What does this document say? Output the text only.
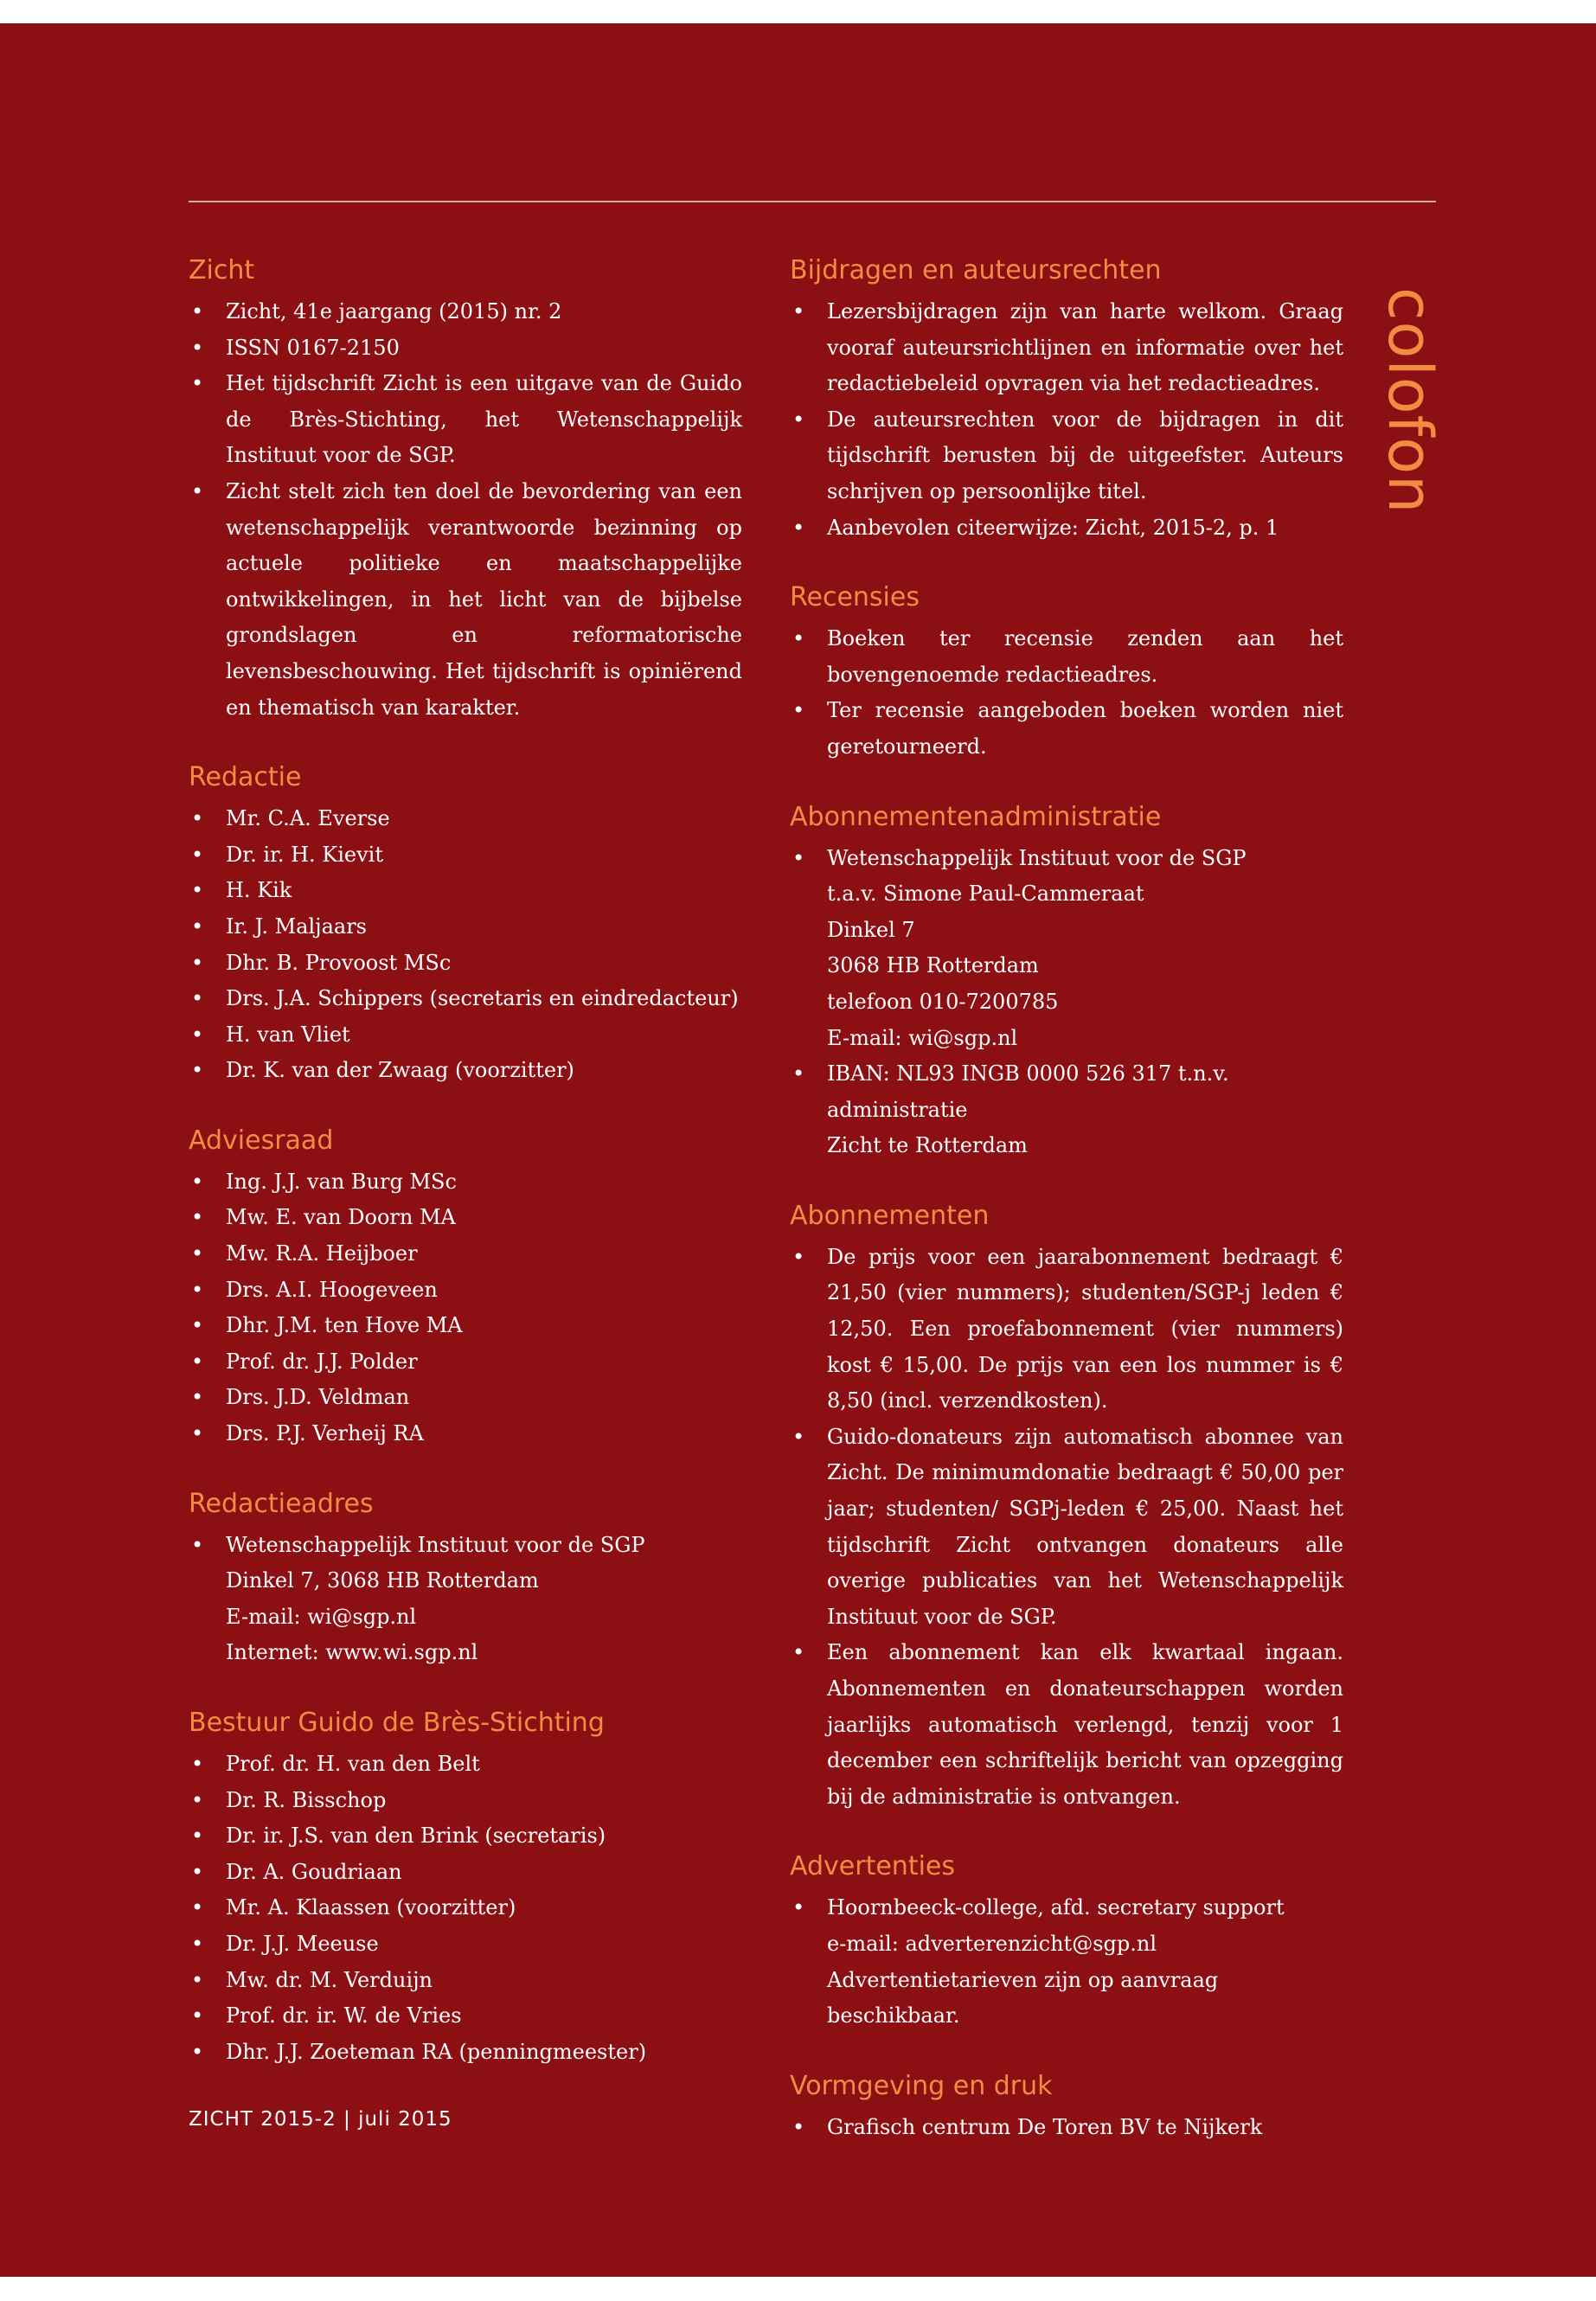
Zicht
• Zicht, 41e jaargang (2015) nr. 2
• ISSN 0167-2150
• Het tijdschrift Zicht is een uitgave van de Guido de Brès-Stichting, het Wetenschappelijk Instituut voor de SGP.
• Zicht stelt zich ten doel de bevordering van een wetenschappelijk verantwoorde bezinning op actuele politieke en maatschappelijke ontwikkelingen, in het licht van de bijbelse grondslagen en reformatorische levensbeschouwing. Het tijdschrift is opiniërend en thematisch van karakter.
Redactie
• Mr. C.A. Everse
• Dr. ir. H. Kievit
• H. Kik
• Ir. J. Maljaars
• Dhr. B. Provoost MSc
• Drs. J.A. Schippers (secretaris en eindredacteur)
• H. van Vliet
• Dr. K. van der Zwaag (voorzitter)
Adviesraad
• Ing. J.J. van Burg MSc
• Mw. E. van Doorn MA
• Mw. R.A. Heijboer
• Drs. A.I. Hoogeveen
• Dhr. J.M. ten Hove MA
• Prof. dr. J.J. Polder
• Drs. J.D. Veldman
• Drs. P.J. Verheij RA
Redactieadres
• Wetenschappelijk Instituut voor de SGP
Dinkel 7, 3068 HB Rotterdam
E-mail: wi@sgp.nl
Internet: www.wi.sgp.nl
Bestuur Guido de Brès-Stichting
• Prof. dr. H. van den Belt
• Dr. R. Bisschop
• Dr. ir. J.S. van den Brink (secretaris)
• Dr. A. Goudriaan
• Mr. A. Klaassen (voorzitter)
• Dr. J.J. Meeuse
• Mw. dr. M. Verduijn
• Prof. dr. ir. W. de Vries
• Dhr. J.J. Zoeteman RA (penningmeester)
Bijdragen en auteursrechten
• Lezersbijdragen zijn van harte welkom. Graag vooraf auteursrichtlijnen en informatie over het redactiebeleid opvragen via het redactieadres.
• De auteursrechten voor de bijdragen in dit tijdschrift berusten bij de uitgeefster. Auteurs schrijven op persoonlijke titel.
• Aanbevolen citeerwijze: Zicht, 2015-2, p. 1
Recensies
• Boeken ter recensie zenden aan het bovengenoemde redactieadres.
• Ter recensie aangeboden boeken worden niet geretourneerd.
Abonnementenadministratie
• Wetenschappelijk Instituut voor de SGP
t.a.v. Simone Paul-Cammeraat
Dinkel 7
3068 HB Rotterdam
telefoon 010-7200785
E-mail: wi@sgp.nl
• IBAN: NL93 INGB 0000 526 317 t.n.v. administratie
Zicht te Rotterdam
Abonnementen
• De prijs voor een jaarabonnement bedraagt € 21,50 (vier nummers); studenten/SGP-j leden € 12,50. Een proefabonnement (vier nummers) kost € 15,00. De prijs van een los nummer is € 8,50 (incl. verzendkosten).
• Guido-donateurs zijn automatisch abonnee van Zicht. De minimumdonatie bedraagt € 50,00 per jaar; studenten/ SGPj-leden € 25,00. Naast het tijdschrift Zicht ontvangen donateurs alle overige publicaties van het Wetenschappelijk Instituut voor de SGP.
• Een abonnement kan elk kwartaal ingaan. Abonnementen en donateurschappen worden jaarlijks automatisch verlengd, tenzij voor 1 december een schriftelijk bericht van opzegging bij de administratie is ontvangen.
Advertenties
• Hoornbeeck-college, afd. secretary support
e-mail: adverterenzicht@sgp.nl
Advertentietarieven zijn op aanvraag beschikbaar.
Vormgeving en druk
• Grafisch centrum De Toren BV te Nijkerk
colofon
ZICHT 2015-2 | juli 2015
